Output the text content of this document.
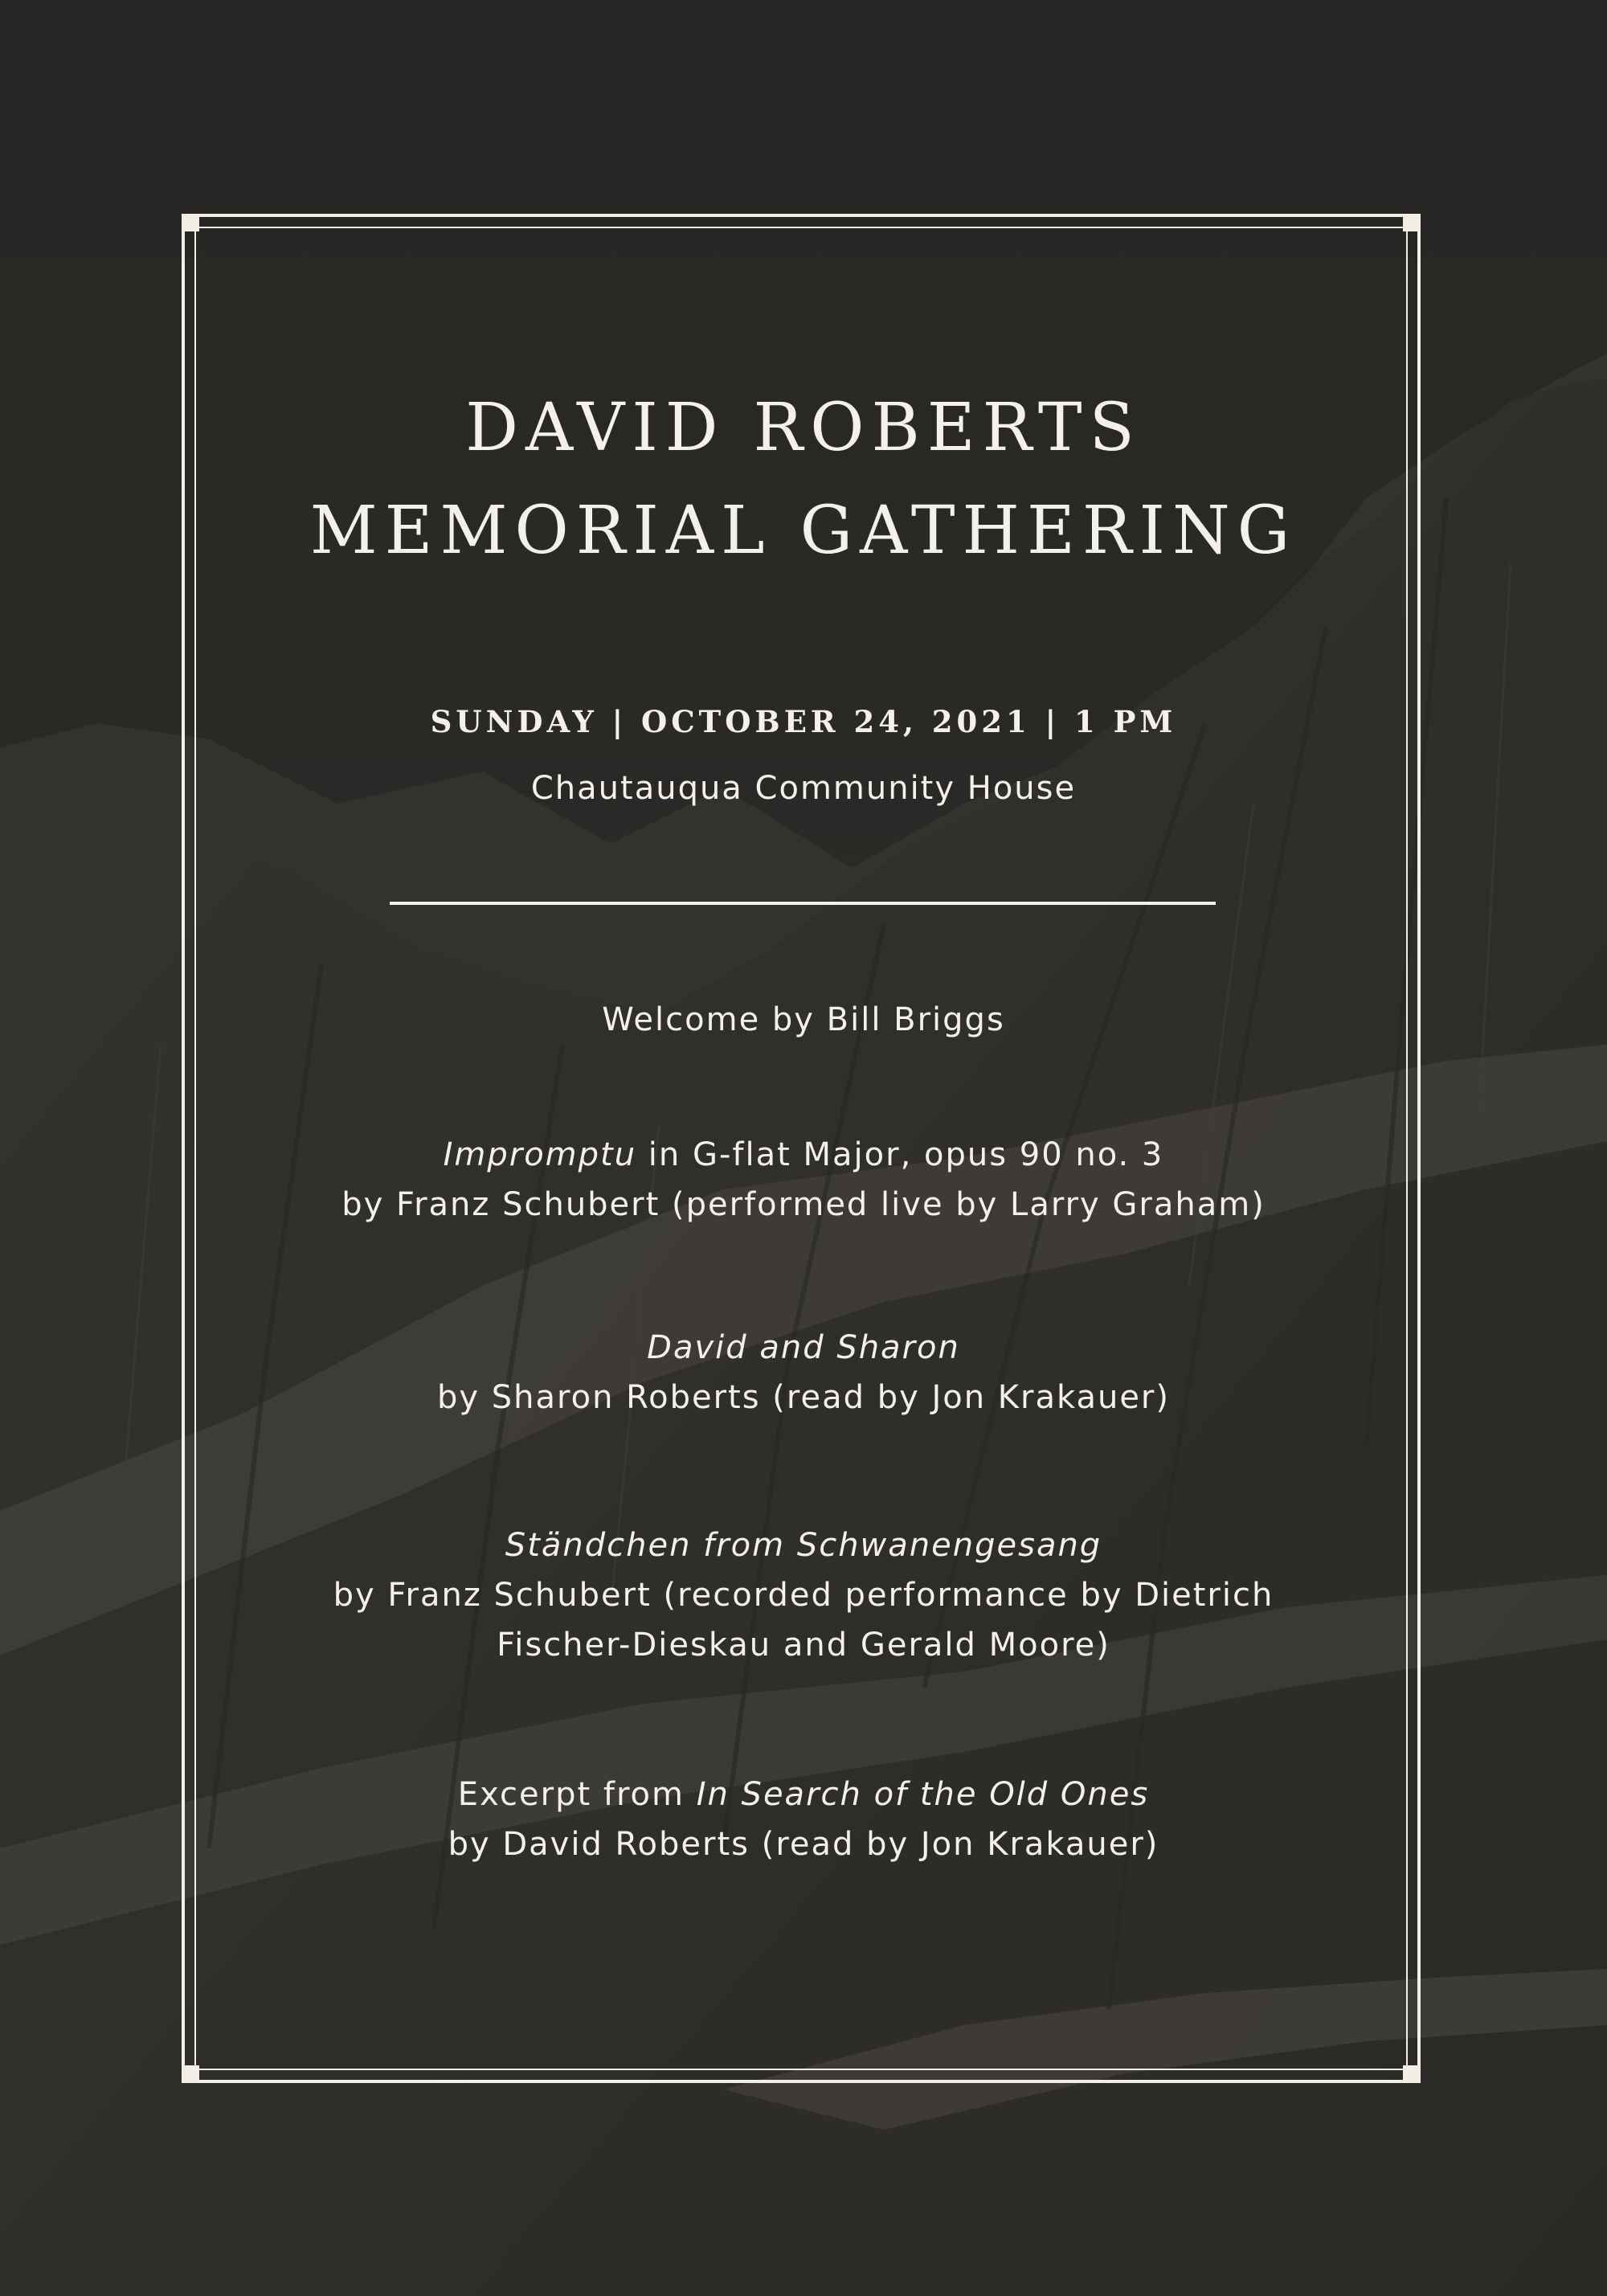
DAVID ROBERTS
MEMORIAL GATHERING
SUNDAY | OCTOBER 24, 2021 | 1 PM
Chautauqua Community House
Welcome by Bill Briggs
Impromptu in G-flat Major, opus 90 no. 3
by Franz Schubert (performed live by Larry Graham)
David and Sharon
by Sharon Roberts (read by Jon Krakauer)
Ständchen from Schwanengesang
by Franz Schubert (recorded performance by Dietrich
Fischer-Dieskau and Gerald Moore)
Excerpt from In Search of the Old Ones
by David Roberts (read by Jon Krakauer)
